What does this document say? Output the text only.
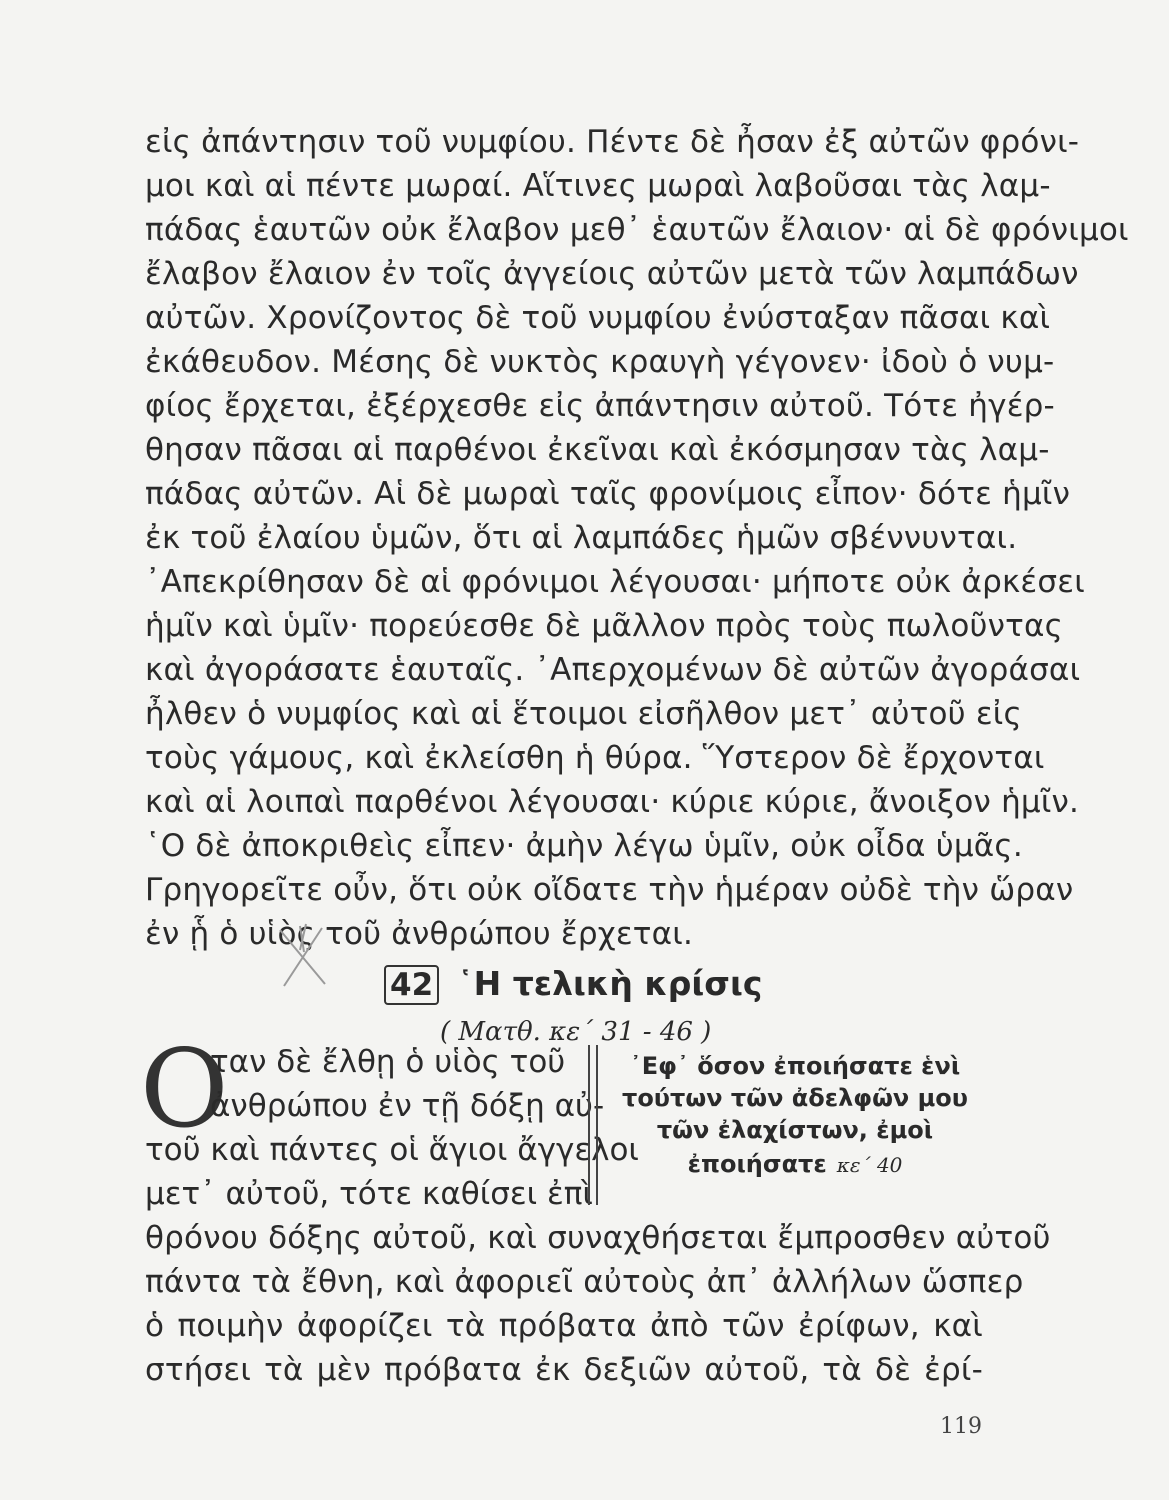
εἰς ἀπάντησιν τοῦ νυμφίου. Πέντε δὲ ἦσαν ἐξ αὐτῶν φρόνι-
μοι καὶ αἱ πέντε μωραί. Αἵτινες μωραὶ λαβοῦσαι τὰς λαμ-
πάδας ἑαυτῶν οὐκ ἔλαβον μεθ᾽ ἑαυτῶν ἔλαιον· αἱ δὲ φρόνιμοι
ἔλαβον ἔλαιον ἐν τοῖς ἀγγείοις αὐτῶν μετὰ τῶν λαμπάδων
αὐτῶν. Χρονίζοντος δὲ τοῦ νυμφίου ἐνύσταξαν πᾶσαι καὶ
ἐκάθευδον. Μέσης δὲ νυκτὸς κραυγὴ γέγονεν· ἰδοὺ ὁ νυμ-
φίος ἔρχεται, ἐξέρχεσθε εἰς ἀπάντησιν αὐτοῦ. Τότε ἠγέρ-
θησαν πᾶσαι αἱ παρθένοι ἐκεῖναι καὶ ἐκόσμησαν τὰς λαμ-
πάδας αὐτῶν. Αἱ δὲ μωραὶ ταῖς φρονίμοις εἶπον· δότε ἡμῖν
ἐκ τοῦ ἐλαίου ὑμῶν, ὅτι αἱ λαμπάδες ἡμῶν σβέννυνται.
᾿Απεκρίθησαν δὲ αἱ φρόνιμοι λέγουσαι· μήποτε οὐκ ἀρκέσει
ἡμῖν καὶ ὑμῖν· πορεύεσθε δὲ μᾶλλον πρὸς τοὺς πωλοῦντας
καὶ ἀγοράσατε ἑαυταῖς. ᾿Απερχομένων δὲ αὐτῶν ἀγοράσαι
ἦλθεν ὁ νυμφίος καὶ αἱ ἕτοιμοι εἰσῆλθον μετ᾽ αὐτοῦ εἰς
τοὺς γάμους, καὶ ἐκλείσθη ἡ θύρα. Ὕστερον δὲ ἔρχονται
καὶ αἱ λοιπαὶ παρθένοι λέγουσαι· κύριε κύριε, ἄνοιξον ἡμῖν.
῾Ο δὲ ἀποκριθεὶς εἶπεν· ἀμὴν λέγω ὑμῖν, οὐκ οἶδα ὑμᾶς.
Γρηγορεῖτε οὖν, ὅτι οὐκ οἴδατε τὴν ἡμέραν οὐδὲ τὴν ὥραν
ἐν ᾗ ὁ υἱὸς τοῦ ἀνθρώπου ἔρχεται.
42 ῾Η τελικὴ κρίσις
( Ματθ. κε΄ 31 - 46 )
Ο
ταν δὲ ἔλθῃ ὁ υἱὸς τοῦ
ἀνθρώπου ἐν τῇ δόξῃ αὐ-
τοῦ καὶ πάντες οἱ ἅγιοι ἄγγελοι
μετ᾽ αὐτοῦ, τότε καθίσει ἐπὶ
᾿Εφ᾽ ὅσον ἐποιήσατε ἑνὶ
τούτων τῶν ἀδελφῶν μου
τῶν ἐλαχίστων, ἐμοὶ
ἐποιήσατε κε΄ 40
θρόνου δόξης αὐτοῦ, καὶ συναχθήσεται ἔμπροσθεν αὐτοῦ
πάντα τὰ ἔθνη, καὶ ἀφοριεῖ αὐτοὺς ἀπ᾽ ἀλλήλων ὥσπερ
ὁ ποιμὴν ἀφορίζει τὰ πρόβατα ἀπὸ τῶν ἐρίφων, καὶ
στήσει τὰ μὲν πρόβατα ἐκ δεξιῶν αὐτοῦ, τὰ δὲ ἐρί-
119
